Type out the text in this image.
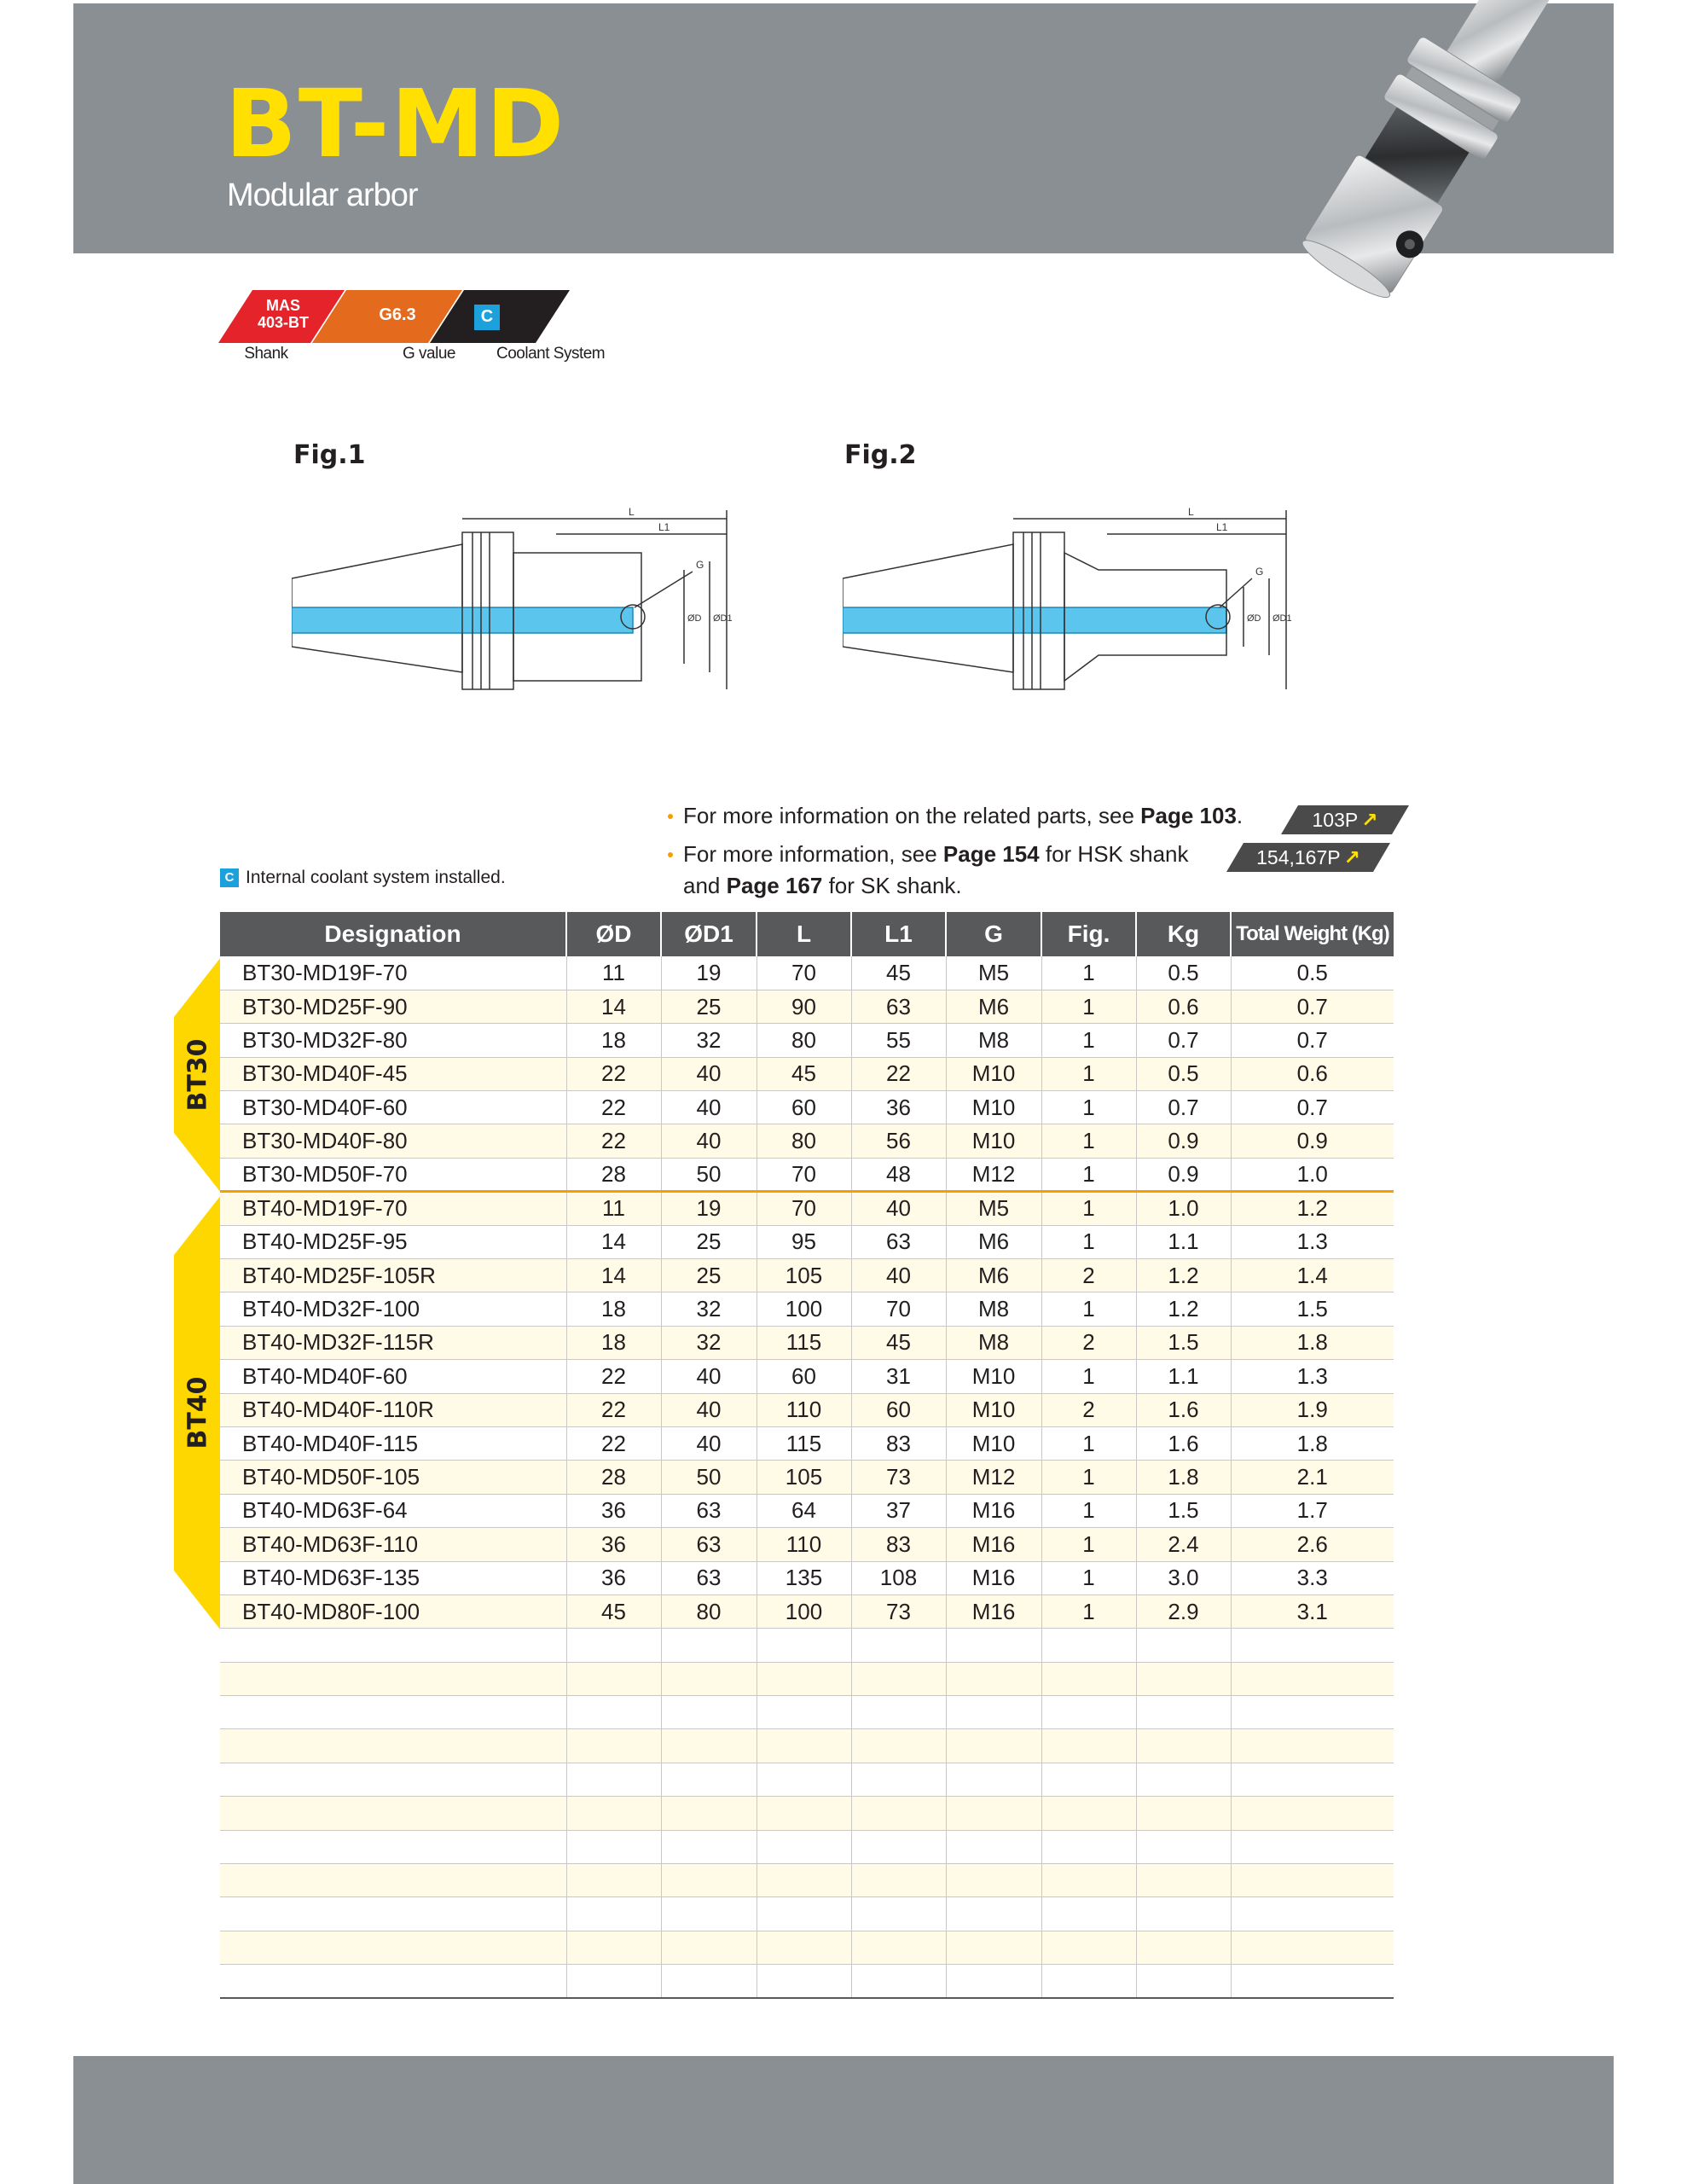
BT-MD
Modular arbor
MAS
403-BT	G6.3	C
Shank	G value	Coolant System
Fig.1	Fig.2
L
L1
G
ØD ØD1
L
L1
G
ØD ØD1
For more information on the related parts, see Page 103.
For more information, see Page 154 for HSK shank
and Page 167 for SK shank.
103P ↗
154,167P ↗
C Internal coolant system installed.
BT30
BT40
Designation	ØD	ØD1	L	L1	G	Fig.	Kg	Total Weight (Kg)
BT30-MD19F-70	11	19	70	45	M5	1	0.5	0.5
BT30-MD25F-90	14	25	90	63	M6	1	0.6	0.7
BT30-MD32F-80	18	32	80	55	M8	1	0.7	0.7
BT30-MD40F-45	22	40	45	22	M10	1	0.5	0.6
BT30-MD40F-60	22	40	60	36	M10	1	0.7	0.7
BT30-MD40F-80	22	40	80	56	M10	1	0.9	0.9
BT30-MD50F-70	28	50	70	48	M12	1	0.9	1.0
BT40-MD19F-70	11	19	70	40	M5	1	1.0	1.2
BT40-MD25F-95	14	25	95	63	M6	1	1.1	1.3
BT40-MD25F-105R	14	25	105	40	M6	2	1.2	1.4
BT40-MD32F-100	18	32	100	70	M8	1	1.2	1.5
BT40-MD32F-115R	18	32	115	45	M8	2	1.5	1.8
BT40-MD40F-60	22	40	60	31	M10	1	1.1	1.3
BT40-MD40F-110R	22	40	110	60	M10	2	1.6	1.9
BT40-MD40F-115	22	40	115	83	M10	1	1.6	1.8
BT40-MD50F-105	28	50	105	73	M12	1	1.8	2.1
BT40-MD63F-64	36	63	64	37	M16	1	1.5	1.7
BT40-MD63F-110	36	63	110	83	M16	1	2.4	2.6
BT40-MD63F-135	36	63	135	108	M16	1	3.0	3.3
BT40-MD80F-100	45	80	100	73	M16	1	2.9	3.1
